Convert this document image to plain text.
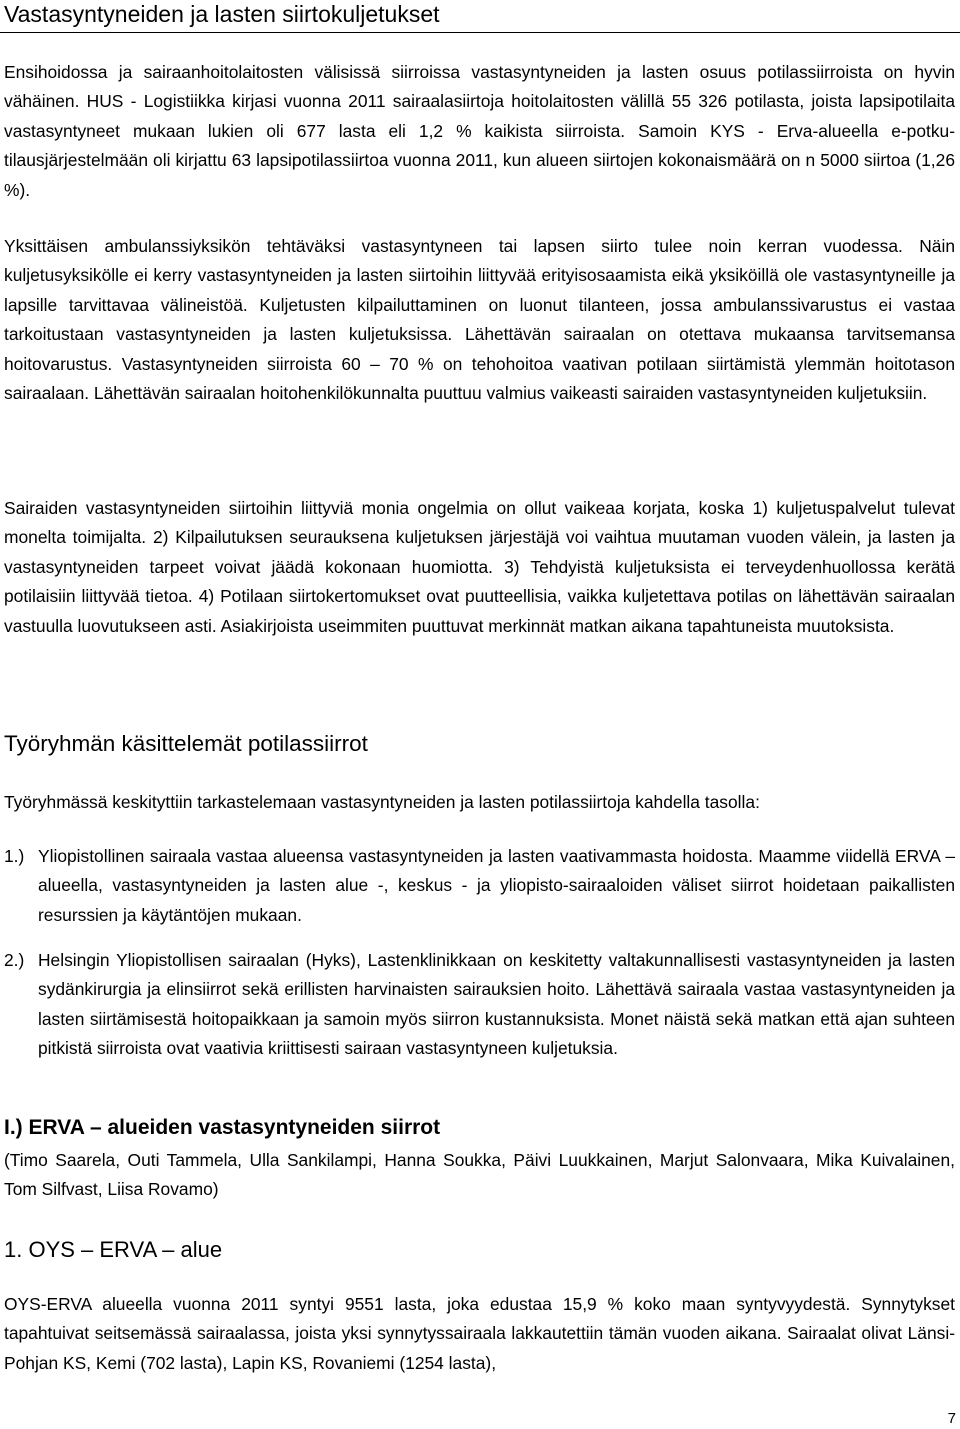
Vastasyntyneiden ja lasten siirtokuljetukset

Ensihoidossa ja sairaanhoitolaitosten välisissä siirroissa vastasyntyneiden ja lasten osuus potilassiirroista on hyvin vähäinen. HUS - Logistiikka kirjasi vuonna 2011 sairaalasiirtoja hoitolaitosten välillä 55 326 potilasta, joista lapsipotilaita vastasyntyneet mukaan lukien oli 677 lasta eli 1,2 % kaikista siirroista. Samoin KYS - Erva-alueella e-potku-tilausjärjestelmään oli kirjattu 63 lapsipotilassiirtoa vuonna 2011, kun alueen siirtojen kokonaismäärä on n 5000 siirtoa (1,26 %).

Yksittäisen ambulanssiyksikön tehtäväksi vastasyntyneen tai lapsen siirto tulee noin kerran vuodessa. Näin kuljetusyksikölle ei kerry vastasyntyneiden ja lasten siirtoihin liittyvää erityisosaamista eikä yksiköillä ole vastasyntyneille ja lapsille tarvittavaa välineistöä. Kuljetusten kilpailuttaminen on luonut tilanteen, jossa ambulanssivarustus ei vastaa tarkoitustaan vastasyntyneiden ja lasten kuljetuksissa. Lähettävän sairaalan on otettava mukaansa tarvitsemansa hoitovarustus. Vastasyntyneiden siirroista 60 – 70 % on tehohoitoa vaativan potilaan siirtämistä ylemmän hoitotason sairaalaan. Lähettävän sairaalan hoitohenkilökunnalta puuttuu valmius vaikeasti sairaiden vastasyntyneiden kuljetuksiin.

Sairaiden vastasyntyneiden siirtoihin liittyviä monia ongelmia on ollut vaikeaa korjata, koska 1) kuljetuspalvelut tulevat monelta toimijalta. 2) Kilpailutuksen seurauksena kuljetuksen järjestäjä voi vaihtua muutaman vuoden välein, ja lasten ja vastasyntyneiden tarpeet voivat jäädä kokonaan huomiotta. 3) Tehdyistä kuljetuksista ei terveydenhuollossa kerätä potilaisiin liittyvää tietoa. 4) Potilaan siirtokertomukset ovat puutteellisia, vaikka kuljetettava potilas on lähettävän sairaalan vastuulla luovutukseen asti. Asiakirjoista useimmiten puuttuvat merkinnät matkan aikana tapahtuneista muutoksista.

Työryhmän käsittelemät potilassiirrot

Työryhmässä keskityttiin tarkastelemaan vastasyntyneiden ja lasten potilassiirtoja kahdella tasolla:

1.) Yliopistollinen sairaala vastaa alueensa vastasyntyneiden ja lasten vaativammasta hoidosta. Maamme viidellä ERVA – alueella, vastasyntyneiden ja lasten alue -, keskus - ja yliopisto-sairaaloiden väliset siirrot hoidetaan paikallisten resurssien ja käytäntöjen mukaan.

2.) Helsingin Yliopistollisen sairaalan (Hyks), Lastenklinikkaan on keskitetty valtakunnallisesti vastasyntyneiden ja lasten sydänkirurgia ja elinsiirrot sekä erillisten harvinaisten sairauksien hoito. Lähettävä sairaala vastaa vastasyntyneiden ja lasten siirtämisestä hoitopaikkaan ja samoin myös siirron kustannuksista. Monet näistä sekä matkan että ajan suhteen pitkistä siirroista ovat vaativia kriittisesti sairaan vastasyntyneen kuljetuksia.

I.) ERVA – alueiden vastasyntyneiden siirrot

(Timo Saarela, Outi Tammela, Ulla Sankilampi, Hanna Soukka, Päivi Luukkainen, Marjut Salonvaara, Mika Kuivalainen, Tom Silfvast, Liisa Rovamo)

1. OYS – ERVA – alue

OYS-ERVA alueella vuonna 2011 syntyi 9551 lasta, joka edustaa 15,9 % koko maan syntyvyydestä. Synnytykset tapahtuivat seitsemässä sairaalassa, joista yksi synnytyssairaala lakkautettiin tämän vuoden aikana. Sairaalat olivat Länsi-Pohjan KS, Kemi (702 lasta), Lapin KS, Rovaniemi (1254 lasta),

7
